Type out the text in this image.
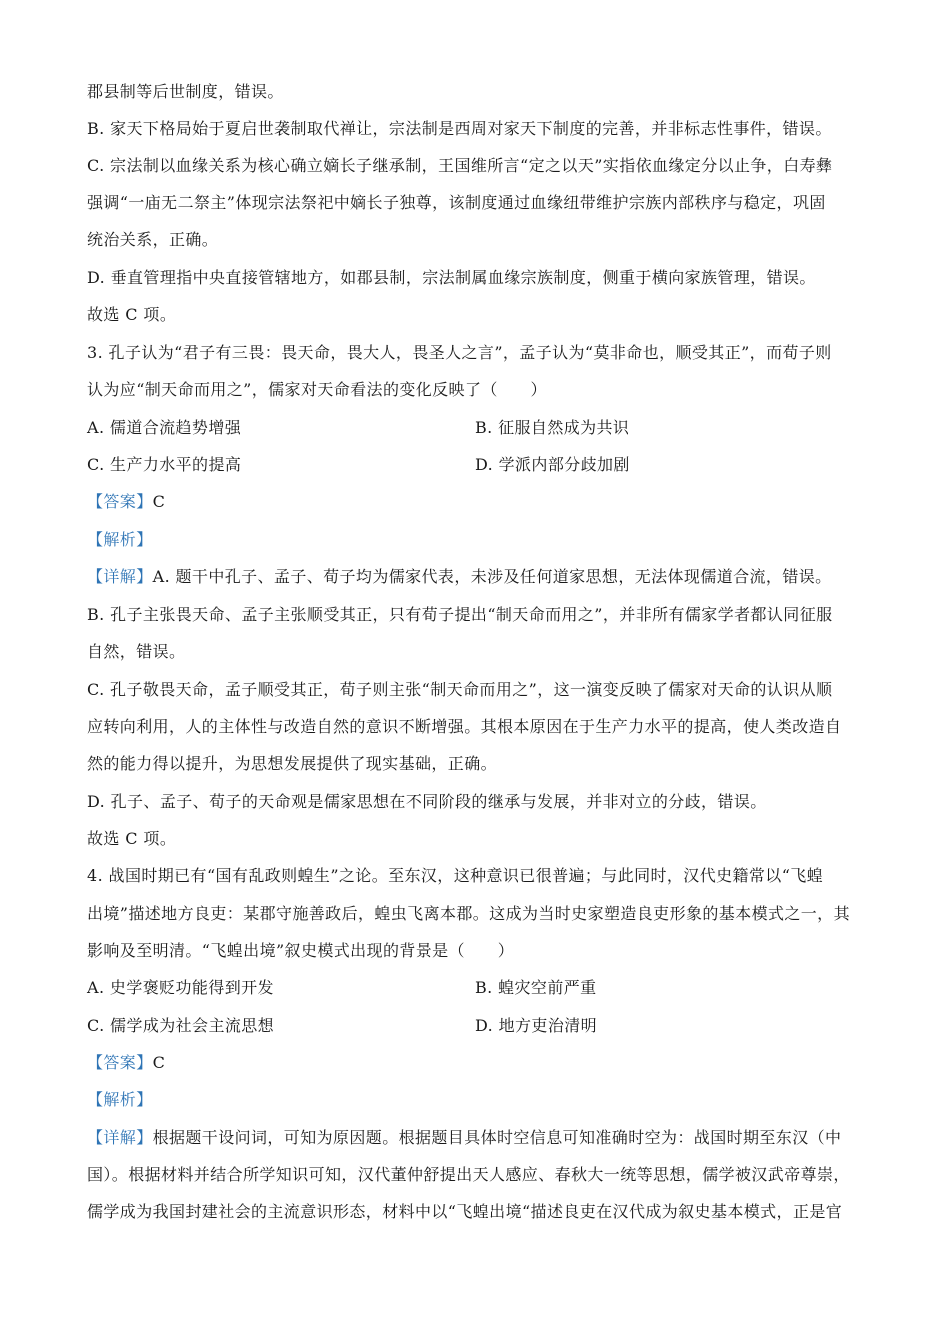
郡县制等后世制度，错误。
B. 家天下格局始于夏启世袭制取代禅让，宗法制是西周对家天下制度的完善，并非标志性事件，错误。
C. 宗法制以血缘关系为核心确立嫡长子继承制，王国维所言“定之以天”实指依血缘定分以止争，白寿彝
强调“一庙无二祭主”体现宗法祭祀中嫡长子独尊，该制度通过血缘纽带维护宗族内部秩序与稳定，巩固
统治关系，正确。
D. 垂直管理指中央直接管辖地方，如郡县制，宗法制属血缘宗族制度，侧重于横向家族管理，错误。
故选 C 项。
3. 孔子认为“君子有三畏：畏天命，畏大人，畏圣人之言”，孟子认为“莫非命也，顺受其正”，而荀子则
认为应“制天命而用之”，儒家对天命看法的变化反映了（　　）
A. 儒道合流趋势增强	B. 征服自然成为共识
C. 生产力水平的提高	D. 学派内部分歧加剧
【答案】C
【解析】
【详解】A. 题干中孔子、孟子、荀子均为儒家代表，未涉及任何道家思想，无法体现儒道合流，错误。
B. 孔子主张畏天命、孟子主张顺受其正，只有荀子提出“制天命而用之”，并非所有儒家学者都认同征服
自然，错误。
C. 孔子敬畏天命，孟子顺受其正，荀子则主张“制天命而用之”，这一演变反映了儒家对天命的认识从顺
应转向利用，人的主体性与改造自然的意识不断增强。其根本原因在于生产力水平的提高，使人类改造自
然的能力得以提升，为思想发展提供了现实基础，正确。
D. 孔子、孟子、荀子的天命观是儒家思想在不同阶段的继承与发展，并非对立的分歧，错误。
故选 C 项。
4. 战国时期已有“国有乱政则蝗生”之论。至东汉，这种意识已很普遍；与此同时，汉代史籍常以“飞蝗
出境”描述地方良吏：某郡守施善政后，蝗虫飞离本郡。这成为当时史家塑造良吏形象的基本模式之一，其
影响及至明清。“飞蝗出境”叙史模式出现的背景是（　　）
A. 史学褒贬功能得到开发	B. 蝗灾空前严重
C. 儒学成为社会主流思想	D. 地方吏治清明
【答案】C
【解析】
【详解】根据题干设问词，可知为原因题。根据题目具体时空信息可知准确时空为：战国时期至东汉（中
国）。根据材料并结合所学知识可知，汉代董仲舒提出天人感应、春秋大一统等思想，儒学被汉武帝尊崇，
儒学成为我国封建社会的主流意识形态，材料中以“飞蝗出境“描述良吏在汉代成为叙史基本模式，正是官
